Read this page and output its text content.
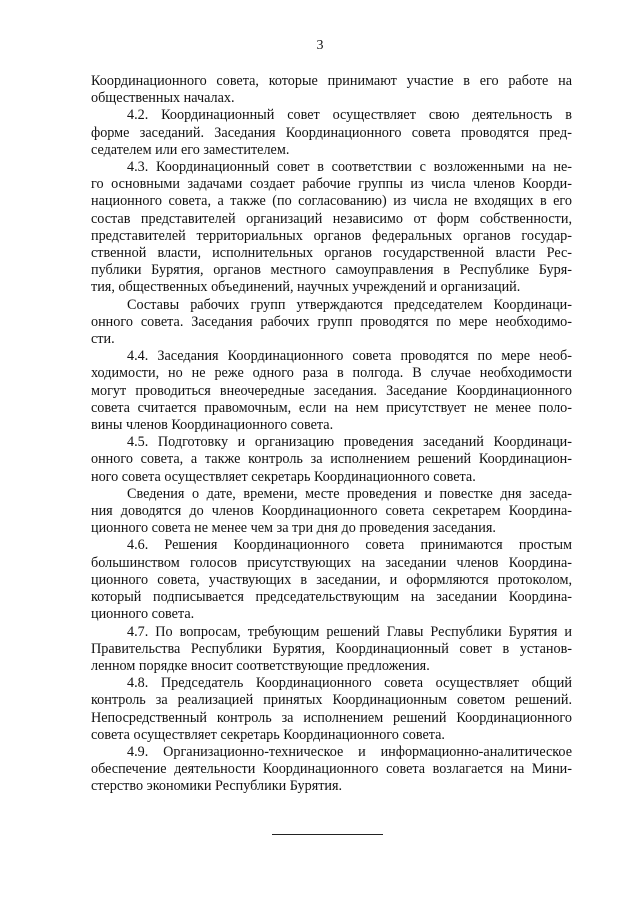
3

Координационного совета, которые принимают участие в его работе на
общественных началах.

4.2. Координационный совет осуществляет свою деятельность в
форме заседаний. Заседания Координационного совета проводятся пред-
седателем или его заместителем.

4.3. Координационный совет в соответствии с возложенными на не-
го основными задачами создает рабочие группы из числа членов Коорди-
национного совета, а также (по согласованию) из числа не входящих в его
состав представителей организаций независимо от форм собственности,
представителей территориальных органов федеральных органов государ-
ственной власти, исполнительных органов государственной власти Рес-
публики Бурятия, органов местного самоуправления в Республике Буря-
тия, общественных объединений, научных учреждений и организаций.

Составы рабочих групп утверждаются председателем Координаци-
онного совета. Заседания рабочих групп проводятся по мере необходимо-
сти.

4.4. Заседания Координационного совета проводятся по мере необ-
ходимости, но не реже одного раза в полгода. В случае необходимости
могут проводиться внеочередные заседания. Заседание Координационного
совета считается правомочным, если на нем присутствует не менее поло-
вины членов Координационного совета.

4.5. Подготовку и организацию проведения заседаний Координаци-
онного совета, а также контроль за исполнением решений Координацион-
ного совета осуществляет секретарь Координационного совета.

Сведения о дате, времени, месте проведения и повестке дня заседа-
ния доводятся до членов Координационного совета секретарем Координа-
ционного совета не менее чем за три дня до проведения заседания.

4.6. Решения Координационного совета принимаются простым
большинством голосов присутствующих на заседании членов Координа-
ционного совета, участвующих в заседании, и оформляются протоколом,
который подписывается председательствующим на заседании Координа-
ционного совета.

4.7. По вопросам, требующим решений Главы Республики Бурятия и
Правительства Республики Бурятия, Координационный совет в установ-
ленном порядке вносит соответствующие предложения.

4.8. Председатель Координационного совета осуществляет общий
контроль за реализацией принятых Координационным советом решений.
Непосредственный контроль за исполнением решений Координационного
совета осуществляет секретарь Координационного совета.

4.9. Организационно-техническое и информационно-аналитическое
обеспечение деятельности Координационного совета возлагается на Мини-
стерство экономики Республики Бурятия.
